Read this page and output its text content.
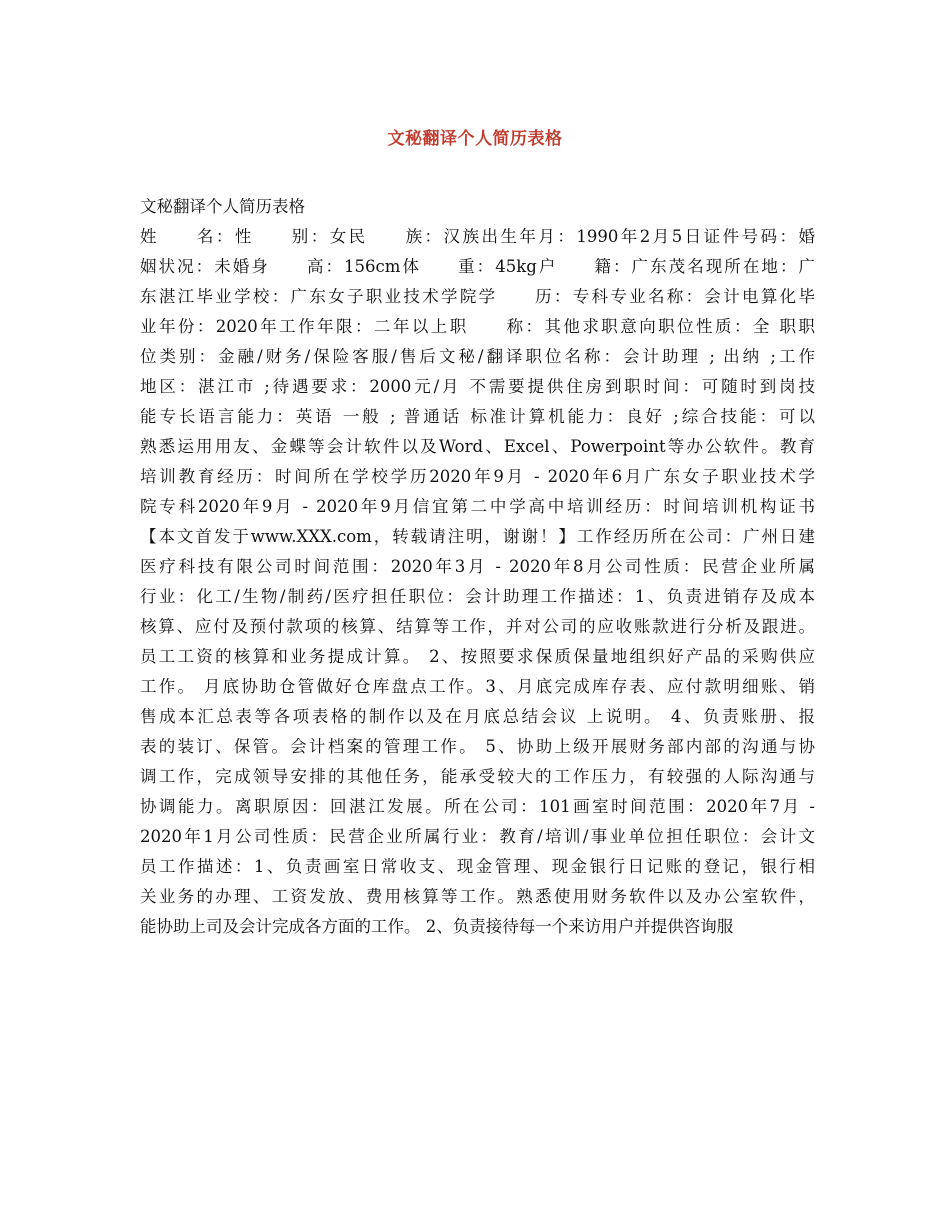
文秘翻译个人简历表格
文秘翻译个人简历表格
姓　　名：性　　别：女民　　族：汉族出生年月：1990年2月5日证件号码：婚
姻状况：未婚身　　高：156cm体　　重：45kg户　　籍：广东茂名现所在地：广
东湛江毕业学校：广东女子职业技术学院学　　历：专科专业名称：会计电算化毕
业年份：2020年工作年限：二年以上职　　称：其他求职意向职位性质：全 职职
位类别：金融/财务/保险客服/售后文秘/翻译职位名称：会计助理 ; 出纳 ;工作
地区：湛江市 ;待遇要求：2000元/月 不需要提供住房到职时间：可随时到岗技
能专长语言能力：英语 一般 ; 普通话 标准计算机能力：良好 ;综合技能：可以
熟悉运用用友、金蝶等会计软件以及Word、Excel、Powerpoint等办公软件。教育
培训教育经历：时间所在学校学历2020年9月 - 2020年6月广东女子职业技术学
院专科2020年9月 - 2020年9月信宜第二中学高中培训经历：时间培训机构证书
【本文首发于www.XXX.com，转载请注明，谢谢！】工作经历所在公司：广州日建
医疗科技有限公司时间范围：2020年3月 - 2020年8月公司性质：民营企业所属
行业：化工/生物/制药/医疗担任职位：会计助理工作描述：1、负责进销存及成本
核算、应付及预付款项的核算、结算等工作，并对公司的应收账款进行分析及跟进。
员工工资的核算和业务提成计算。 2、按照要求保质保量地组织好产品的采购供应
工作。 月底协助仓管做好仓库盘点工作。3、月底完成库存表、应付款明细账、销
售成本汇总表等各项表格的制作以及在月底总结会议 上说明。 4、负责账册、报
表的装订、保管。会计档案的管理工作。 5、协助上级开展财务部内部的沟通与协
调工作，完成领导安排的其他任务，能承受较大的工作压力，有较强的人际沟通与
协调能力。离职原因：回湛江发展。所在公司：101画室时间范围：2020年7月 -
2020年1月公司性质：民营企业所属行业：教育/培训/事业单位担任职位：会计文
员工作描述：1、负责画室日常收支、现金管理、现金银行日记账的登记，银行相
关业务的办理、工资发放、费用核算等工作。熟悉使用财务软件以及办公室软件，
能协助上司及会计完成各方面的工作。 2、负责接待每一个来访用户并提供咨询服
